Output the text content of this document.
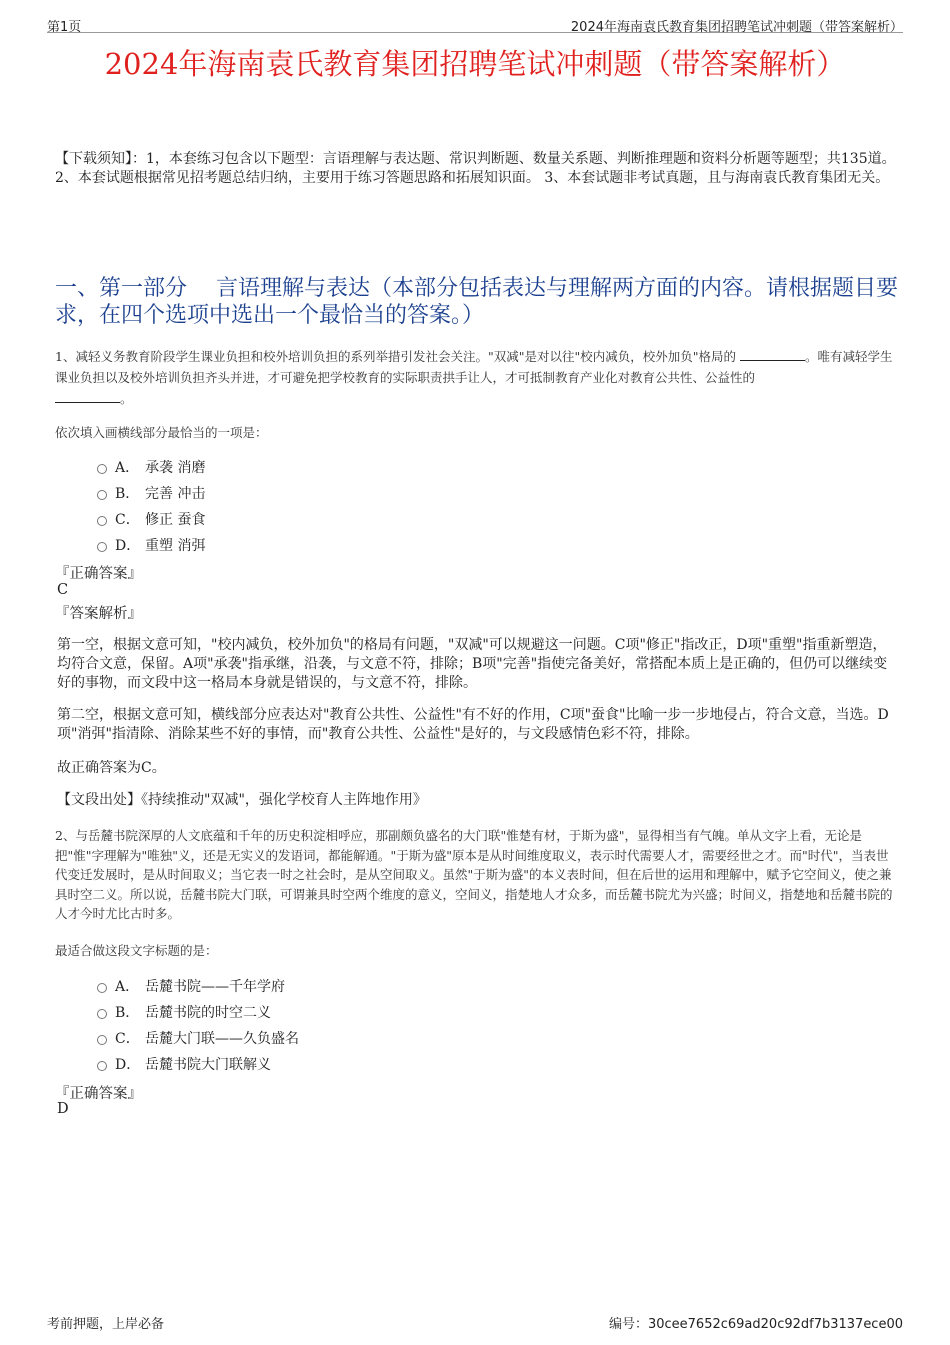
第1页	2024年海南袁氏教育集团招聘笔试冲刺题（带答案解析）
2024年海南袁氏教育集团招聘笔试冲刺题（带答案解析）
【下载须知】：1，本套练习包含以下题型：言语理解与表达题、常识判断题、数量关系题、判断推理题和资料分析题等题型；共135道。 2、本套试题根据常见招考题总结归纳，主要用于练习答题思路和拓展知识面。 3、本套试题非考试真题，且与海南袁氏教育集团无关。
一、第一部分　 言语理解与表达（本部分包括表达与理解两方面的内容。请根据题目要求，在四个选项中选出一个最恰当的答案。）
1、减轻义务教育阶段学生课业负担和校外培训负担的系列举措引发社会关注。"双减"是对以往"校内减负，校外加负"格局的	。唯有减轻学生课业负担以及校外培训负担齐头并进，才可避免把学校教育的实际职责拱手让人，才可抵制教育产业化对教育公共性、公益性的
。
依次填入画横线部分最恰当的一项是：
A． 承袭 消磨
B． 完善 冲击
C． 修正 蚕食
D． 重塑 消弭
『正确答案』
C
『答案解析』
第一空，根据文意可知，"校内减负，校外加负"的格局有问题，"双减"可以规避这一问题。C项"修正"指改正，D项"重塑"指重新塑造，均符合文意，保留。A项"承袭"指承继，沿袭，与文意不符，排除；B项"完善"指使完备美好，常搭配本质上是正确的，但仍可以继续变好的事物，而文段中这一格局本身就是错误的，与文意不符，排除。
第二空，根据文意可知，横线部分应表达对"教育公共性、公益性"有不好的作用，C项"蚕食"比喻一步一步地侵占，符合文意，当选。D项"消弭"指清除、消除某些不好的事情，而"教育公共性、公益性"是好的，与文段感情色彩不符，排除。
故正确答案为C。
【文段出处】《持续推动"双减"，强化学校育人主阵地作用》
2、与岳麓书院深厚的人文底蕴和千年的历史积淀相呼应，那副颇负盛名的大门联"惟楚有材，于斯为盛"，显得相当有气魄。单从文字上看，无论是把"惟"字理解为"唯独"义，还是无实义的发语词，都能解通。"于斯为盛"原本是从时间维度取义，表示时代需要人才，需要经世之才。而"时代"，当表世代变迁发展时，是从时间取义；当它表一时之社会时，是从空间取义。虽然"于斯为盛"的本义表时间，但在后世的运用和理解中，赋予它空间义，使之兼具时空二义。所以说，岳麓书院大门联，可谓兼具时空两个维度的意义，空间义，指楚地人才众多，而岳麓书院尤为兴盛；时间义，指楚地和岳麓书院的人才今时尤比古时多。
最适合做这段文字标题的是：
A． 岳麓书院——千年学府
B． 岳麓书院的时空二义
C． 岳麓大门联——久负盛名
D． 岳麓书院大门联解义
『正确答案』
D
考前押题，上岸必备	编号：30cee7652c69ad20c92df7b3137ece00
